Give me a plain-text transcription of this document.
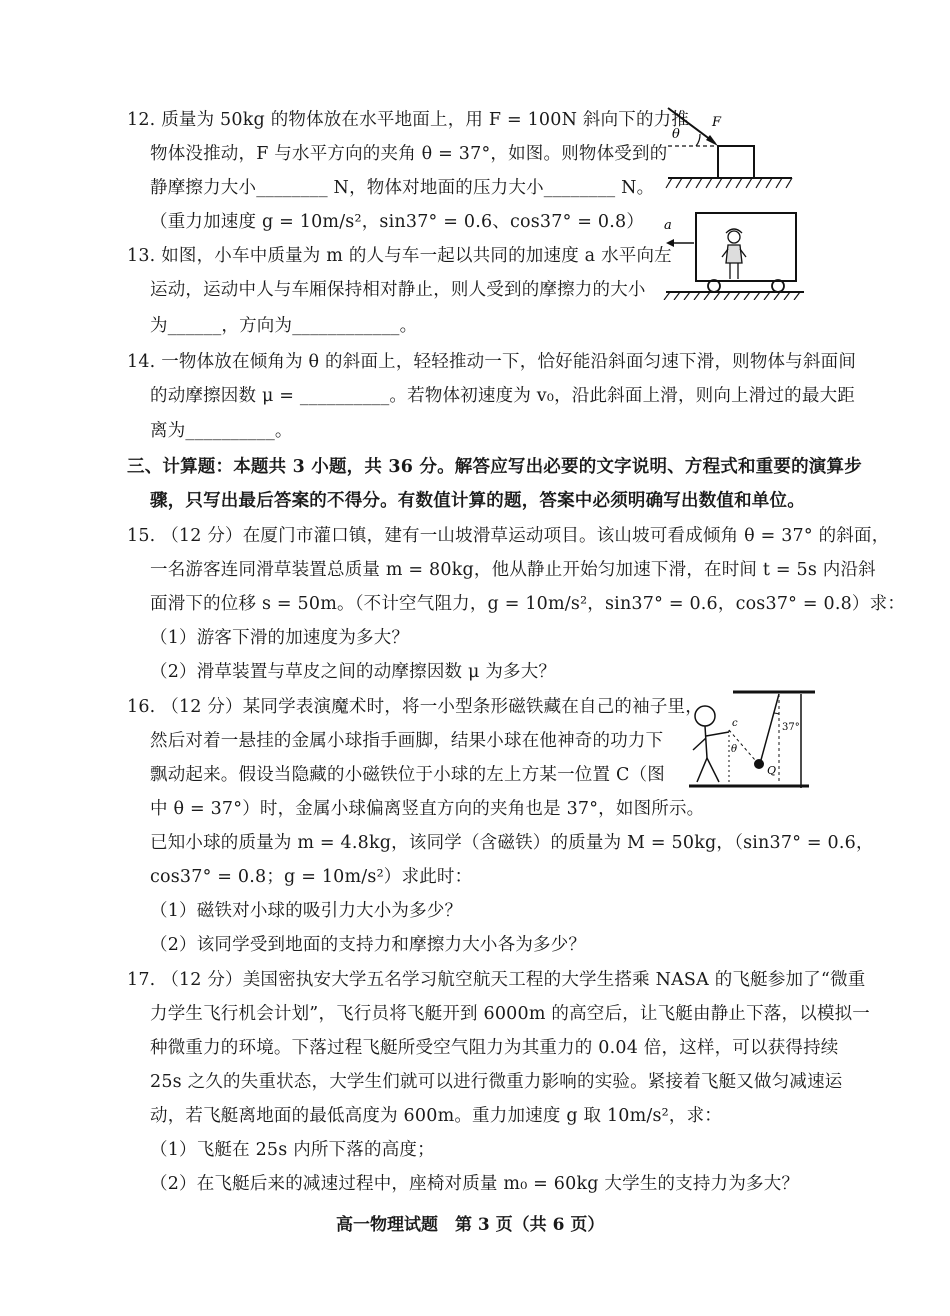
12. 质量为 50kg 的物体放在水平地面上，用 F = 100N 斜向下的力推
物体没推动，F 与水平方向的夹角 θ = 37°，如图。则物体受到的
静摩擦力大小________ N，物体对地面的压力大小________ N。
（重力加速度 g = 10m/s²，sin37° = 0.6、cos37° = 0.8）
θ
F
13. 如图，小车中质量为 m 的人与车一起以共同的加速度 a 水平向左
运动，运动中人与车厢保持相对静止，则人受到的摩擦力的大小
为______，方向为____________。
a
14. 一物体放在倾角为 θ 的斜面上，轻轻推动一下，恰好能沿斜面匀速下滑，则物体与斜面间
的动摩擦因数 μ = __________。若物体初速度为 v₀，沿此斜面上滑，则向上滑过的最大距
离为__________。
三、计算题：本题共 3 小题，共 36 分。解答应写出必要的文字说明、方程式和重要的演算步
骤，只写出最后答案的不得分。有数值计算的题，答案中必须明确写出数值和单位。
15. （12 分）在厦门市灌口镇，建有一山坡滑草运动项目。该山坡可看成倾角 θ = 37° 的斜面，
一名游客连同滑草装置总质量 m = 80kg，他从静止开始匀加速下滑，在时间 t = 5s 内沿斜
面滑下的位移 s = 50m。（不计空气阻力，g = 10m/s²，sin37° = 0.6，cos37° = 0.8）求：
（1）游客下滑的加速度为多大？
（2）滑草装置与草皮之间的动摩擦因数 μ 为多大？
16. （12 分）某同学表演魔术时，将一小型条形磁铁藏在自己的袖子里，
然后对着一悬挂的金属小球指手画脚，结果小球在他神奇的功力下
飘动起来。假设当隐藏的小磁铁位于小球的左上方某一位置 C（图
中 θ = 37°）时，金属小球偏离竖直方向的夹角也是 37°，如图所示。
已知小球的质量为 m = 4.8kg，该同学（含磁铁）的质量为 M = 50kg，（sin37° = 0.6，
cos37° = 0.8；g = 10m/s²）求此时：
（1）磁铁对小球的吸引力大小为多少？
（2）该同学受到地面的支持力和摩擦力大小各为多少？
37°
Q
c
θ
17. （12 分）美国密执安大学五名学习航空航天工程的大学生搭乘 NASA 的飞艇参加了“微重
力学生飞行机会计划”，飞行员将飞艇开到 6000m 的高空后，让飞艇由静止下落，以模拟一
种微重力的环境。下落过程飞艇所受空气阻力为其重力的 0.04 倍，这样，可以获得持续
25s 之久的失重状态，大学生们就可以进行微重力影响的实验。紧接着飞艇又做匀减速运
动，若飞艇离地面的最低高度为 600m。重力加速度 g 取 10m/s²，求：
（1）飞艇在 25s 内所下落的高度；
（2）在飞艇后来的减速过程中，座椅对质量 m₀ = 60kg 大学生的支持力为多大？
高一物理试题　第 3 页（共 6 页）
